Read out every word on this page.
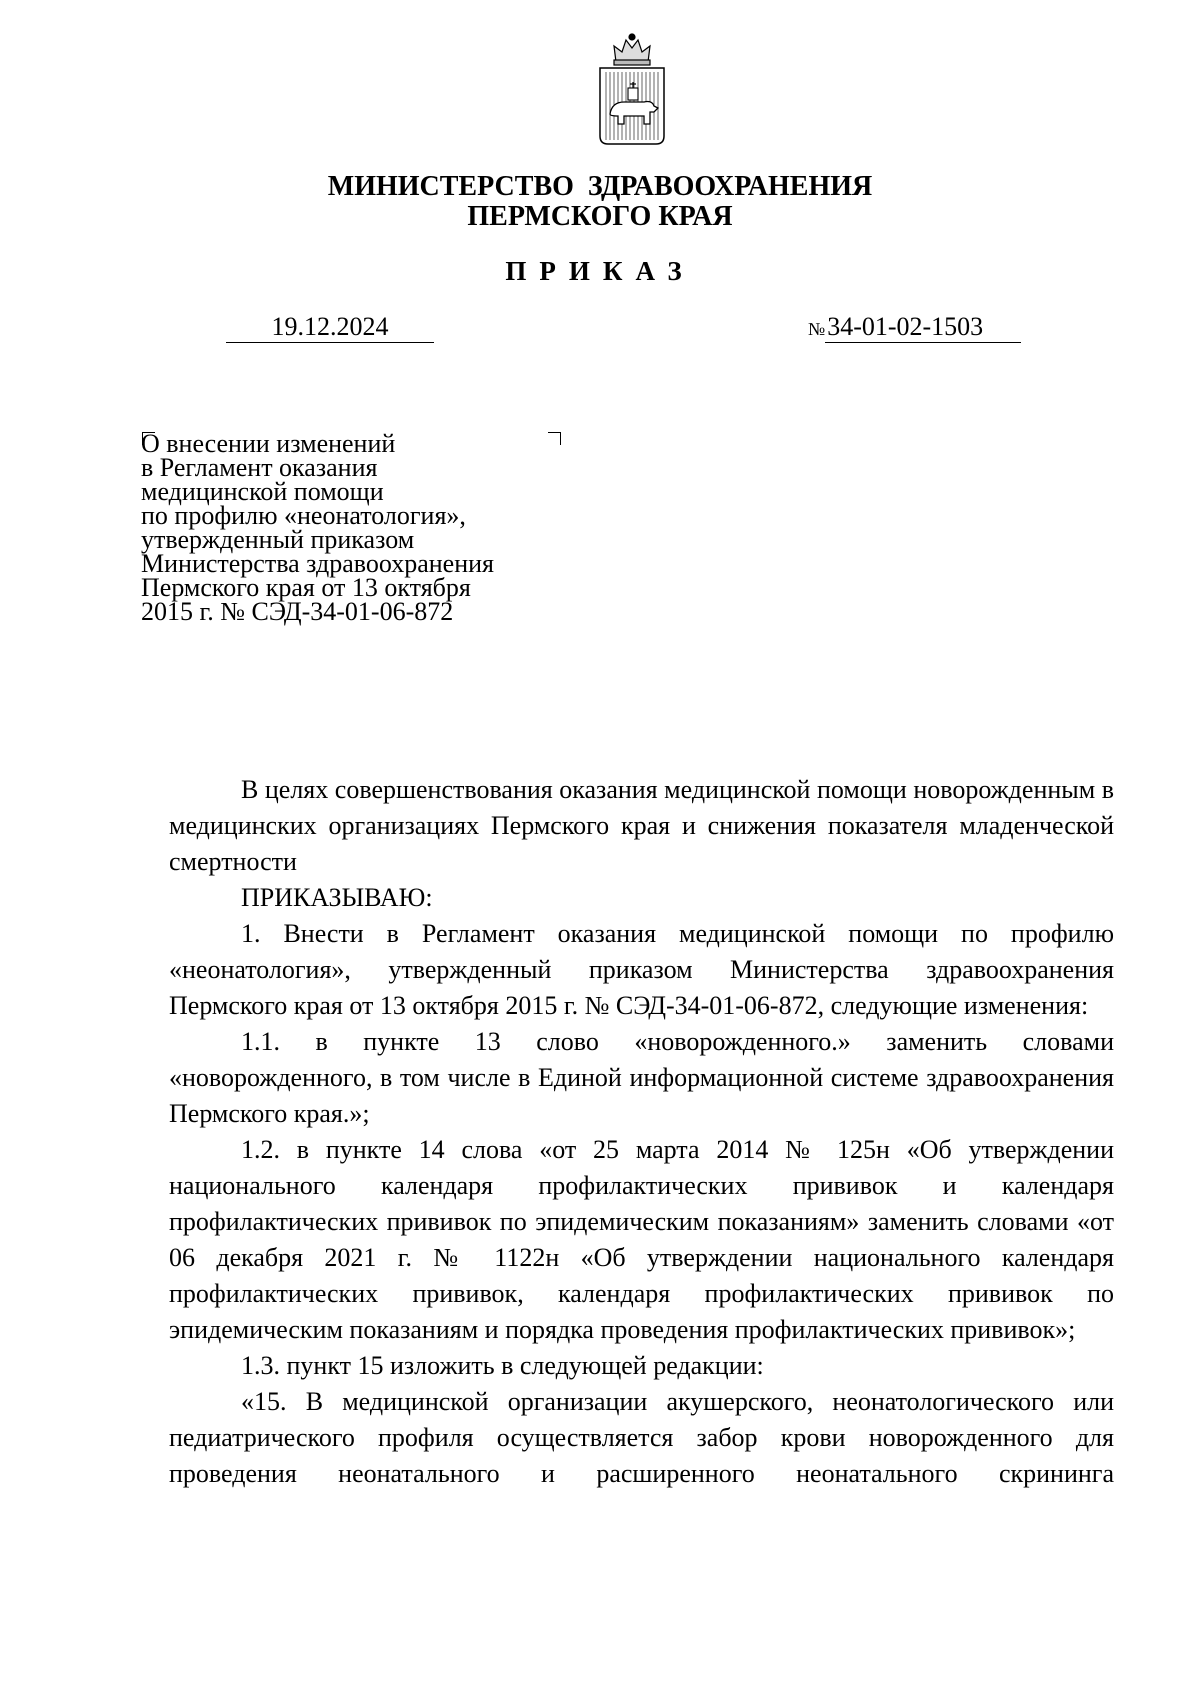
МИНИСТЕРСТВО  ЗДРАВООХРАНЕНИЯ
ПЕРМСКОГО КРАЯ
ПРИКАЗ
19.12.2024	№34-01-02-1503
О внесении изменений
в Регламент оказания
медицинской помощи
по профилю «неонатология»,
утвержденный приказом
Министерства здравоохранения
Пермского края от 13 октября
2015 г. № СЭД-34-01-06-872

В целях совершенствования оказания медицинской помощи новорожденным в медицинских организациях Пермского края и снижения показателя младенческой смертности

ПРИКАЗЫВАЮ:

1. Внести в Регламент оказания медицинской помощи по профилю «неонатология», утвержденный приказом Министерства здравоохранения Пермского края от 13 октября 2015 г. № СЭД-34-01-06-872, следующие изменения:

1.1. в пункте 13 слово «новорожденного.» заменить словами «новорожденного, в том числе в Единой информационной системе здравоохранения Пермского края.»;

1.2. в пункте 14 слова «от 25 марта 2014 № 125н «Об утверждении национального календаря профилактических прививок и календаря профилактических прививок по эпидемическим показаниям» заменить словами «от 06 декабря 2021 г. № 1122н «Об утверждении национального календаря профилактических прививок, календаря профилактических прививок по эпидемическим показаниям и порядка проведения профилактических прививок»;

1.3. пункт 15 изложить в следующей редакции:

«15. В медицинской организации акушерского, неонатологического или педиатрического профиля осуществляется забор крови новорожденного для проведения неонатального и расширенного неонатального скрининга
